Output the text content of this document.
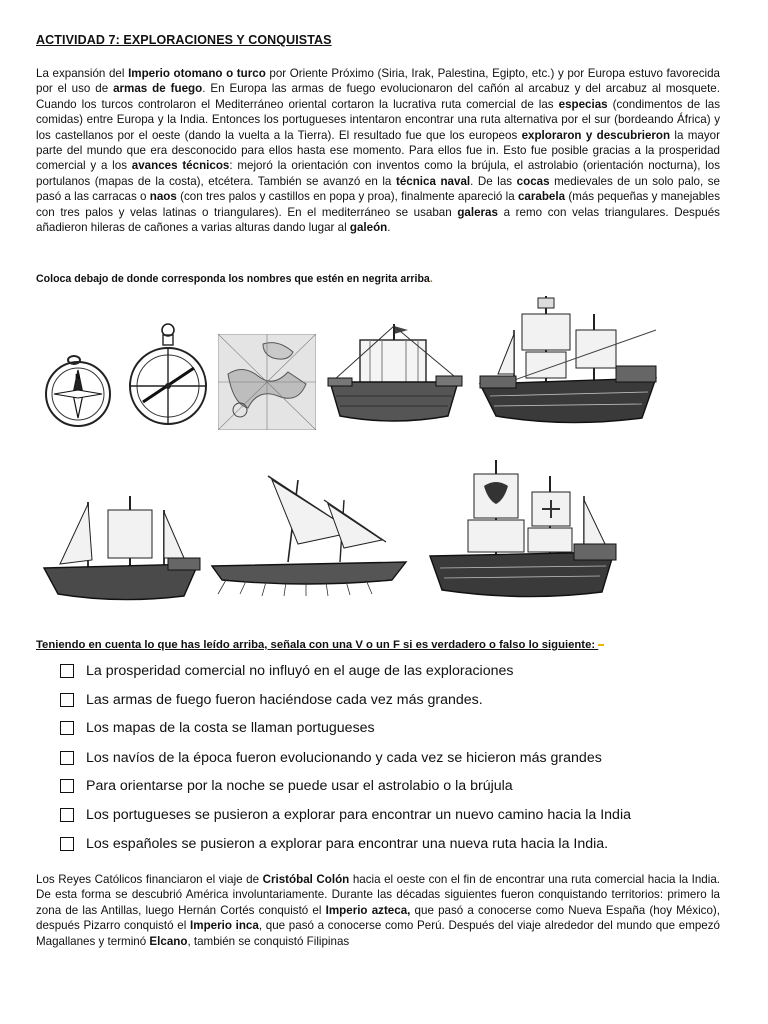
ACTIVIDAD 7: EXPLORACIONES Y CONQUISTAS

La expansión del Imperio otomano o turco por Oriente Próximo (Siria, Irak, Palestina, Egipto, etc.) y por Europa estuvo favorecida por el uso de armas de fuego. En Europa las armas de fuego evolucionaron del cañón al arcabuz y del arcabuz al mosquete. Cuando los turcos controlaron el Mediterráneo oriental cortaron la lucrativa ruta comercial de las especias (condimentos de las comidas) entre Europa y la India. Entonces los portugueses intentaron encontrar una ruta alternativa por el sur (bordeando África) y los castellanos por el oeste (dando la vuelta a la Tierra). El resultado fue que los europeos exploraron y descubrieron la mayor parte del mundo que era desconocido para ellos hasta ese momento. Para ellos fue in. Esto fue posible gracias a la prosperidad comercial y a los avances técnicos: mejoró la orientación con inventos como la brújula, el astrolabio (orientación nocturna), los portulanos (mapas de la costa), etcétera. También se avanzó en la técnica naval. De las cocas medievales de un solo palo, se pasó a las carracas o naos (con tres palos y castillos en popa y proa), finalmente apareció la carabela (más pequeñas y manejables con tres palos y velas latinas o triangulares). En el mediterráneo se usaban galeras a remo con velas triangulares. Después añadieron hileras de cañones a varias alturas dando lugar al galeón.

Coloca debajo de donde corresponda los nombres que estén en negrita arriba.
N
Teniendo en cuenta lo que has leído arriba, señala con una V o un F si es verdadero o falso lo siguiente:
La prosperidad comercial no influyó en el auge de las exploraciones
Las armas de fuego fueron haciéndose cada vez más grandes.
Los mapas de la costa se llaman portugueses
Los navíos de la época fueron evolucionando y cada vez se hicieron más grandes
Para orientarse por la noche se puede usar el astrolabio o la brújula
Los portugueses se pusieron a explorar para encontrar un nuevo camino hacia la India
Los españoles se pusieron a explorar para encontrar una nueva ruta hacia la India.

Los Reyes Católicos financiaron el viaje de Cristóbal Colón hacia el oeste con el fin de encontrar una ruta comercial hacia la India. De esta forma se descubrió América involuntariamente. Durante las décadas siguientes fueron conquistando territorios: primero la zona de las Antillas, luego Hernán Cortés conquistó el Imperio azteca, que pasó a conocerse como Nueva España (hoy México), después Pizarro conquistó el Imperio inca, que pasó a conocerse como Perú. Después del viaje alrededor del mundo que empezó Magallanes y terminó Elcano, también se conquistó Filipinas
